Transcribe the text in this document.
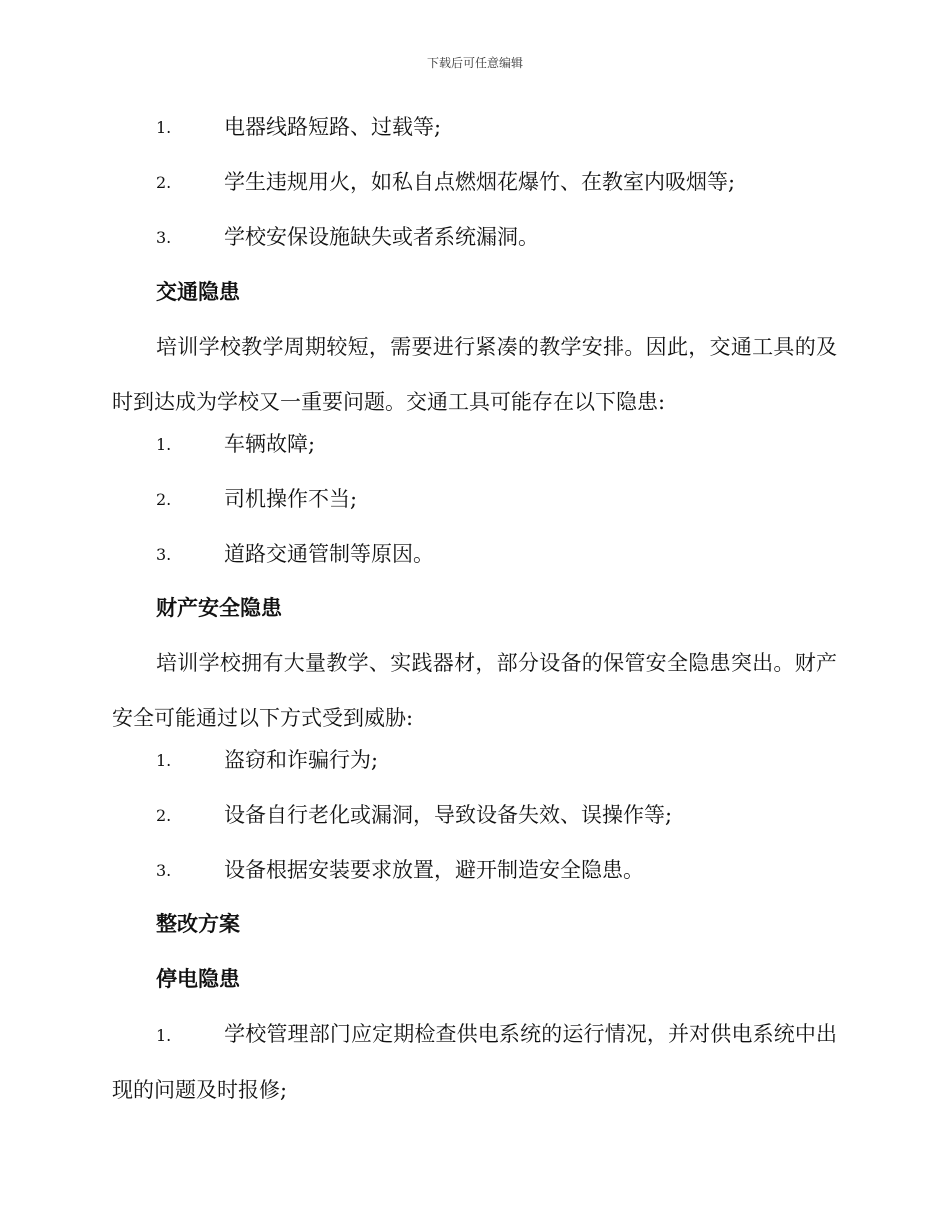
下载后可任意编辑
1.	电器线路短路、过载等;
2.	学生违规用火，如私自点燃烟花爆竹、在教室内吸烟等;
3.	学校安保设施缺失或者系统漏洞。
交通隐患
培训学校教学周期较短，需要进行紧凑的教学安排。因此，交通工具的及时到达成为学校又一重要问题。交通工具可能存在以下隐患:
1.	车辆故障;
2.	司机操作不当;
3.	道路交通管制等原因。
财产安全隐患
培训学校拥有大量教学、实践器材，部分设备的保管安全隐患突出。财产安全可能通过以下方式受到威胁:
1.	盗窃和诈骗行为;
2.	设备自行老化或漏洞，导致设备失效、误操作等;
3.	设备根据安装要求放置，避开制造安全隐患。
整改方案
停电隐患
1.	学校管理部门应定期检查供电系统的运行情况，并对供电系统中出现的问题及时报修;
